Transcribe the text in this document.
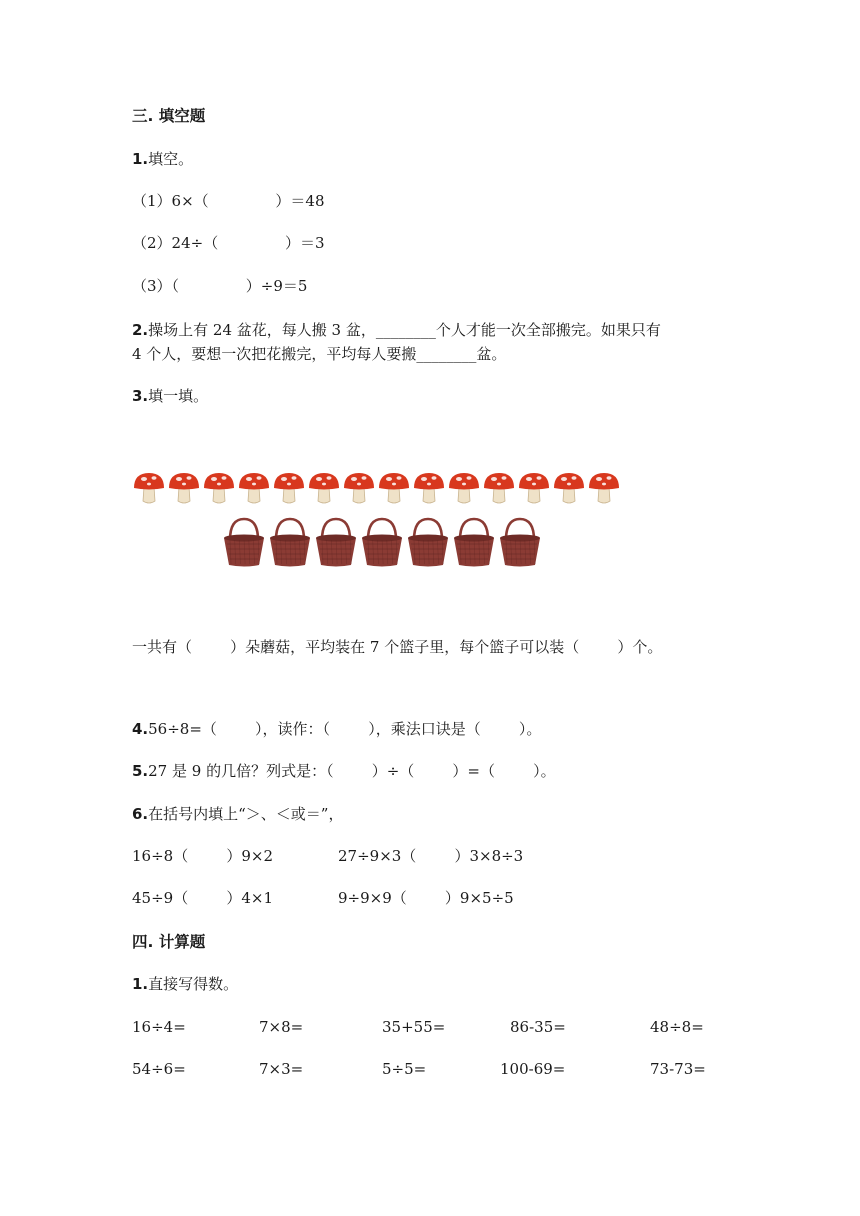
三. 填空题
1.填空。
（1）6×（              ）＝48
（2）24÷（              ）＝3
（3）（              ）÷9＝5
2.操场上有 24 盆花，每人搬 3 盆，________个人才能一次全部搬完。如果只有
4 个人，要想一次把花搬完，平均每人要搬________盆。
3.填一填。
一共有（        ）朵蘑菇，平均装在 7 个篮子里，每个篮子可以装（        ）个。
4.56÷8=（        ），读作：（        ），乘法口诀是（        ）。
5.27 是 9 的几倍？列式是：（        ）÷（        ）=（        ）。
6.在括号内填上“＞、＜或＝”，
16÷8（        ）9×2	27÷9×3（        ）3×8÷3
45÷9（        ）4×1	9÷9×9（        ）9×5÷5
四. 计算题
1.直接写得数。
16÷4=	7×8=	35+55=	86-35=	48÷8=
54÷6=	7×3=	5÷5=	100-69=	73-73=
